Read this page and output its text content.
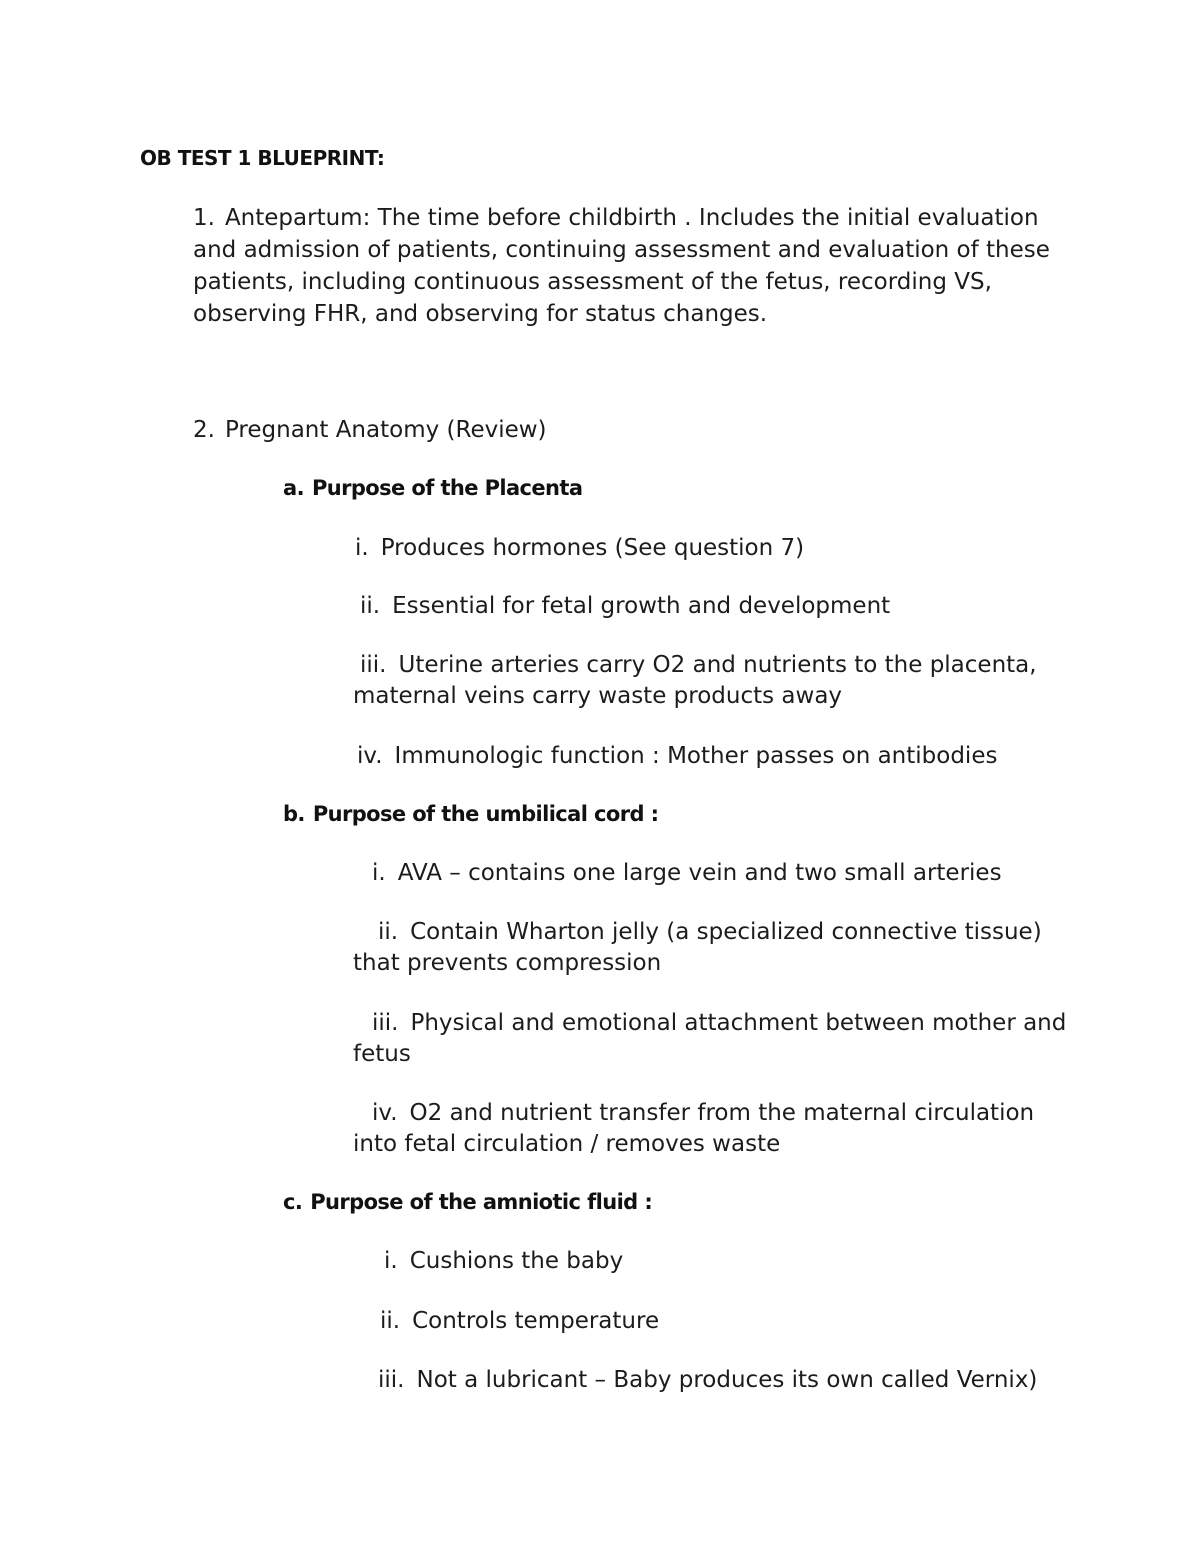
OB TEST 1 BLUEPRINT:
1. Antepartum: The time before childbirth . Includes the initial evaluation
and admission of patients, continuing assessment and evaluation of these
patients, including continuous assessment of the fetus, recording VS,
observing FHR, and observing for status changes.
2. Pregnant Anatomy (Review)
a. Purpose of the Placenta
i. Produces hormones (See question 7)
ii. Essential for fetal growth and development
iii. Uterine arteries carry O2 and nutrients to the placenta,
maternal veins carry waste products away
iv. Immunologic function : Mother passes on antibodies
b. Purpose of the umbilical cord :
i. AVA – contains one large vein and two small arteries
ii. Contain Wharton jelly (a specialized connective tissue)
that prevents compression
iii. Physical and emotional attachment between mother and
fetus
iv. O2 and nutrient transfer from the maternal circulation
into fetal circulation / removes waste
c. Purpose of the amniotic fluid :
i. Cushions the baby
ii. Controls temperature
iii. Not a lubricant – Baby produces its own called Vernix)
